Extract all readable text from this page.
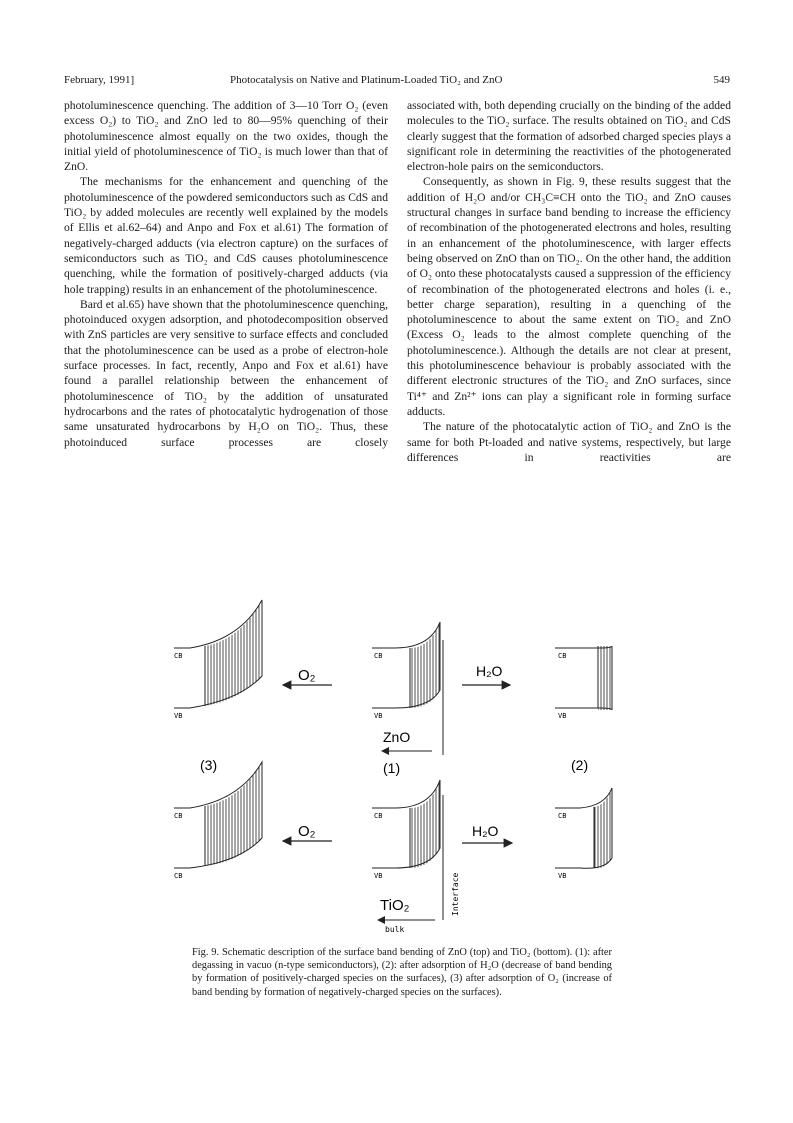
February, 1991]	Photocatalysis on Native and Platinum-Loaded TiO₂ and ZnO	549

photoluminescence quenching. The addition of 3—10 Torr O₂ (even excess O₂) to TiO₂ and ZnO led to 80—95% quenching of their photoluminescence almost equally on the two oxides, though the initial yield of photoluminescence of TiO₂ is much lower than that of ZnO.

The mechanisms for the enhancement and quenching of the photoluminescence of the powdered semiconductors such as CdS and TiO₂ by added molecules are recently well explained by the models of Ellis et al.62–64) and Anpo and Fox et al.61) The formation of negatively-charged adducts (via electron capture) on the surfaces of semiconductors such as TiO₂ and CdS causes photoluminescence quenching, while the formation of positively-charged adducts (via hole trapping) results in an enhancement of the photoluminescence.

Bard et al.65) have shown that the photoluminescence quenching, photoinduced oxygen adsorption, and photodecomposition observed with ZnS particles are very sensitive to surface effects and concluded that the photoluminescence can be used as a probe of electron-hole surface processes. In fact, recently, Anpo and Fox et al.61) have found a parallel relationship between the enhancement of photoluminescence of TiO₂ by the addition of unsaturated hydrocarbons and the rates of photocatalytic hydrogenation of those same unsaturated hydrocarbons by H₂O on TiO₂. Thus, these photoinduced surface processes are closely

associated with, both depending crucially on the binding of the added molecules to the TiO₂ surface. The results obtained on TiO₂ and CdS clearly suggest that the formation of adsorbed charged species plays a significant role in determining the reactivities of the photogenerated electron-hole pairs on the semiconductors.

Consequently, as shown in Fig. 9, these results suggest that the addition of H₂O and/or CH₃C≡CH onto the TiO₂ and ZnO causes structural changes in surface band bending to increase the efficiency of recombination of the photogenerated electrons and holes, resulting in an enhancement of the photoluminescence, with larger effects being observed on ZnO than on TiO₂. On the other hand, the addition of O₂ onto these photocatalysts caused a suppression of the efficiency of recombination of the photogenerated electrons and holes (i. e., better charge separation), resulting in a quenching of the photoluminescence to about the same extent on TiO₂ and ZnO (Excess O₂ leads to the almost complete quenching of the photoluminescence.). Although the details are not clear at present, this photoluminescence behaviour is probably associated with the different electronic structures of the TiO₂ and ZnO surfaces, since Ti⁴⁺ and Zn²⁺ ions can play a significant role in forming surface adducts.

The nature of the photocatalytic action of TiO₂ and ZnO is the same for both Pt-loaded and native systems, respectively, but large differences in reactivities are

CB
VB
O₂
CB
VB
H₂O
CB
VB
ZnO
(3)	(1)	(2)
CB
CB
O₂
CB
VB	Interface
H₂O
CB
VB
TiO₂
bulk

Fig. 9. Schematic description of the surface band bending of ZnO (top) and TiO₂ (bottom). (1): after degassing in vacuo (n-type semiconductors), (2): after adsorption of H₂O (decrease of band bending by formation of positively-charged species on the surfaces), (3) after adsorption of O₂ (increase of band bending by formation of negatively-charged species on the surfaces).
